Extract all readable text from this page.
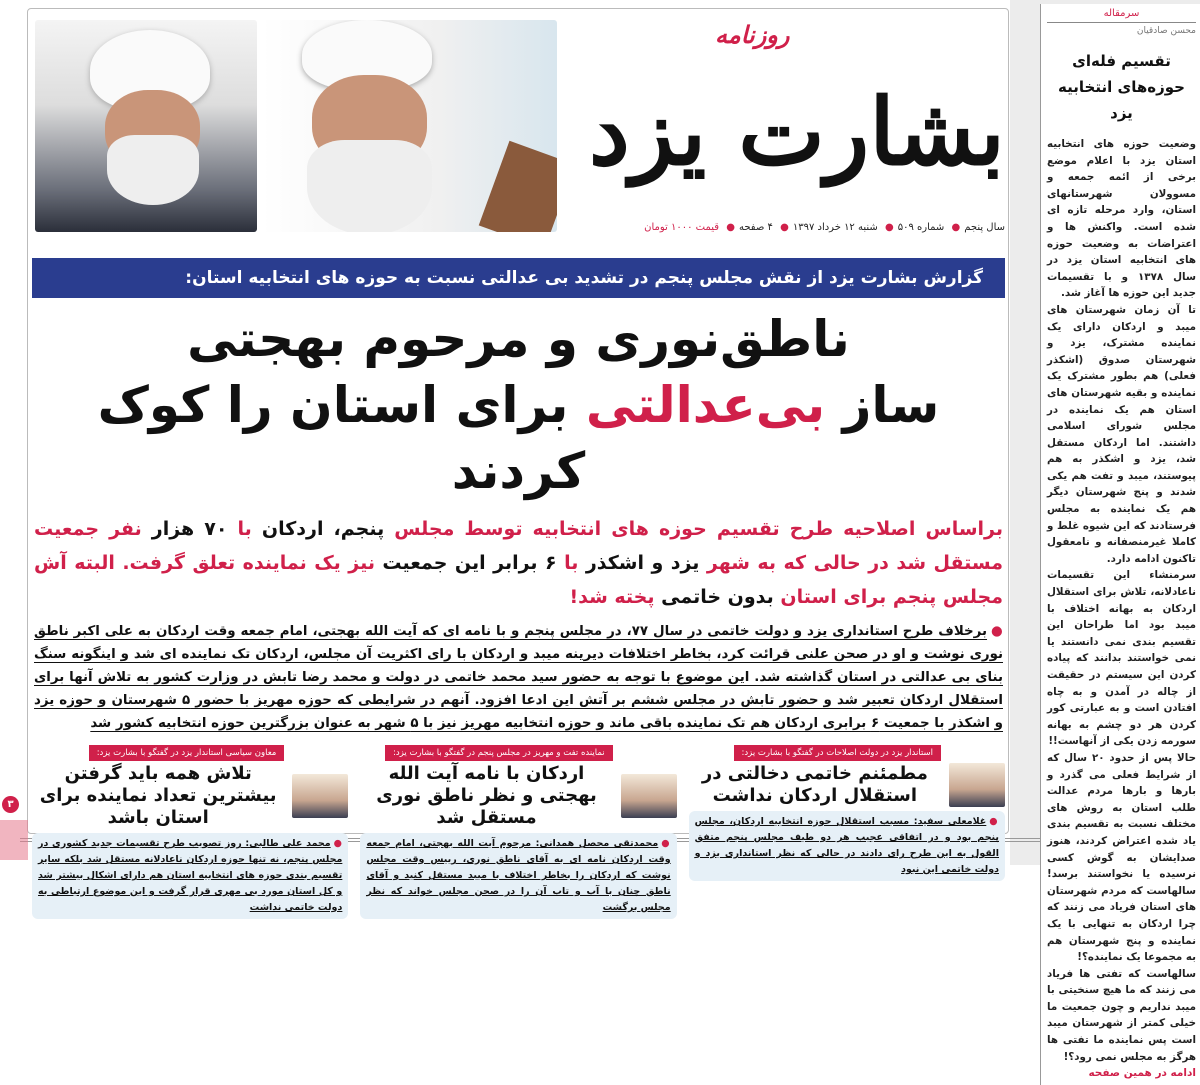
۳
روزنامه
بشارت یزد
سال پنجم● شماره ۵۰۹● شنبه ۱۲ خرداد ۱۳۹۷● ۴ صفحه● قیمت ۱۰۰۰ تومان
گزارش بشارت یزد از نقش مجلس پنجم در تشدید بی عدالتی نسبت به حوزه های انتخابیه استان:
ناطق‌نوری و مرحوم بهجتی
ساز بی‌عدالتی برای استان را کوک کردند
براساس اصلاحیه طرح تقسیم حوزه های انتخابیه توسط مجلس پنجم، اردکان با ۷۰ هزار نفر جمعیت مستقل شد در حالی که به شهر یزد و اشکذر با ۶ برابر این جمعیت نیز یک نماینده تعلق گرفت. البته آش مجلس پنجم برای استان بدون خاتمی پخته شد!
●برخلاف طرح استانداری یزد و دولت خاتمی در سال ۷۷، در مجلس پنجم و با نامه ای که آیت الله بهجتی، امام جمعه وقت اردکان به علی اکبر ناطق نوری نوشت و او در صحن علنی قرائت کرد، بخاطر اختلافات دیرینه میبد و اردکان با رای اکثریت آن مجلس، اردکان تک نماینده ای شد و اینگونه سنگ بنای بی عدالتی در استان گذاشته شد. این موضوع با توجه به حضور سید محمد خاتمی در دولت و محمد رضا تابش در وزارت کشور به تلاش آنها برای استقلال اردکان تعبیر شد و حضور تابش در مجلس ششم بر آتش این ادعا افزود. آنهم در شرایطی که حوزه مهریز با حضور ۵ شهرستان و حوزه یزد و اشکذر با جمعیت ۶ برابری اردکان هم تک نماینده باقی ماند و حوزه انتخابیه مهریز نیز با ۵ شهر به عنوان بزرگترین حوزه انتخابیه کشور شد
استاندار یزد در دولت اصلاحات در گفتگو با بشارت یزد:
مطمئنم خاتمی دخالتی در استقلال اردکان نداشت
●غلامعلی سفید: مسبب استقلال حوزه انتخابیه اردکان، مجلس پنجم بود و در اتفاقی عجیب هر دو طیف مجلس پنجم متفق القول به این طرح رای دادند در حالی که نظر استانداری یزد و دولت خاتمی این نبود
نماینده تفت و مهریز در مجلس پنجم در گفتگو با بشارت یزد:
اردکان با نامه آیت الله بهجتی و نظر ناطق نوری مستقل شد
●محمدتقی محصل همدانی: مرحوم آیت الله بهجتی، امام جمعه وقت اردکان نامه ای به آقای ناطق نوری، رییس وقت مجلس نوشت که اردکان را بخاطر اختلاف با میبد مستقل کنید و آقای ناطق چنان با آب و تاب آن را در صحن مجلس خواند که نظر مجلس برگشت
معاون سیاسی استاندار یزد در گفتگو با بشارت یزد:
تلاش همه باید گرفتن بیشترین تعداد نماینده برای استان باشد
●محمد علی طالبی: روز تصویب طرح تقسیمات جدید کشوری در مجلس پنجم، نه تنها حوزه اردکان ناعادلانه مستقل شد بلکه سایر تقسیم بندی حوزه های انتخابیه استان هم دارای اشکال بیشتر شد و کل استان مورد بی مهری قرار گرفت و این موضوع ارتباطی به دولت خاتمی نداشت
سرمقاله
محسن صادقیان
تقسیم فله‌ای
حوزه‌های انتخابیه یزد

وضعیت حوزه های انتخابیه استان یزد با اعلام موضع برخی از ائمه جمعه و مسوولان شهرستانهای استان، وارد مرحله تازه ای شده است. واکنش ها و اعتراضات به وضعیت حوزه های انتخابیه استان یزد در سال ۱۳۷۸ و با تقسیمات جدید این حوزه ها آغاز شد.

تا آن زمان شهرستان های میبد و اردکان دارای یک نماینده مشترک، یزد و شهرستان صدوق (اشکذر فعلی) هم بطور مشترک یک نماینده و بقیه شهرستان های استان هم یک نماینده در مجلس شورای اسلامی داشتند. اما اردکان مستقل شد، یزد و اشکذر به هم پیوستند، میبد و تفت هم یکی شدند و پنج شهرستان دیگر هم یک نماینده به مجلس فرستادند که این شیوه غلط و کاملا غیرمنصفانه و نامعقول تاکنون ادامه دارد.

سرمنشاء این تقسیمات ناعادلانه، تلاش برای استقلال اردکان به بهانه اختلاف با میبد بود اما طراحان این تقسیم بندی نمی دانستند یا نمی خواستند بدانند که پیاده کردن این سیستم در حقیقت از چاله در آمدن و به چاه افتادن است و به عبارتی کور کردن هر دو چشم به بهانه سورمه زدن یکی از آنهاست!!

حالا پس از حدود ۲۰ سال که از شرایط فعلی می گذرد و بارها و بارها مردم عدالت طلب استان به روش های مختلف نسبت به تقسیم بندی یاد شده اعتراض کردند، هنوز صدایشان به گوش کسی نرسیده یا نخواستند برسد! سالهاست که مردم شهرستان های استان فریاد می زنند که چرا اردکان به تنهایی با یک نماینده و پنج شهرستان هم به مجموعا یک نماینده؟!

سالهاست که تفتی ها فریاد می زنند که ما هیچ سنخیتی با میبد نداریم و چون جمعیت ما خیلی کمتر از شهرستان میبد است پس نماینده ما تفتی ها هرگز به مجلس نمی رود؟!

ادامه در همین صفحه
